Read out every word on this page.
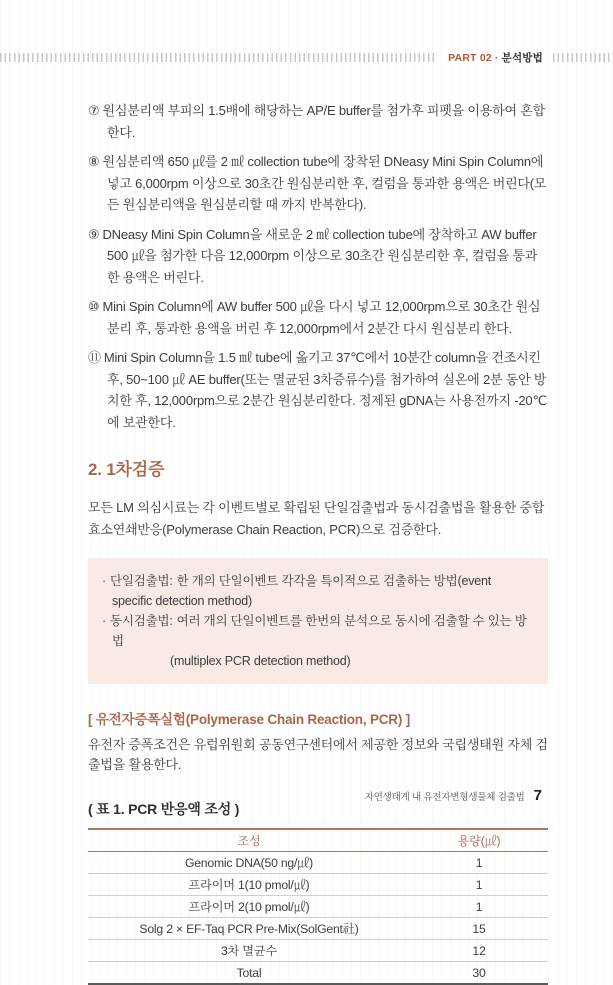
PART 02 · 분석방법
⑦ 원심분리액 부피의 1.5배에 해당하는 AP/E buffer를 첨가후 피펫을 이용하여 혼합한다.
⑧ 원심분리액 650 ㎕를 2 ㎖ collection tube에 장착된 DNeasy Mini Spin Column에 넣고 6,000rpm 이상으로 30초간 원심분리한 후, 컬럼을 통과한 용액은 버린다(모든 원심분리액을 원심분리할 때 까지 반복한다).
⑨ DNeasy Mini Spin Column을 새로운 2 ㎖ collection tube에 장착하고 AW buffer 500 ㎕을 첨가한 다음 12,000rpm 이상으로 30초간 원심분리한 후, 컬럼을 통과한 용액은 버린다.
⑩ Mini Spin Column에 AW buffer 500 ㎕을 다시 넣고 12,000rpm으로 30초간 원심분리 후, 통과한 용액을 버린 후 12,000rpm에서 2분간 다시 원심분리 한다.
⑪ Mini Spin Column을 1.5 ㎖ tube에 옮기고 37℃에서 10분간 column을 건조시킨후, 50~100 ㎕ AE buffer(또는 멸균된 3차증류수)를 첨가하여 실온에 2분 동안 방치한 후, 12,000rpm으로 2분간 원심분리한다. 정제된 gDNA는 사용전까지 -20℃ 에 보관한다.
2. 1차검증
모든 LM 의심시료는 각 이벤트별로 확립된 단일검출법과 동시검출법을 활용한 중합효소연쇄반응(Polymerase Chain Reaction, PCR)으로 검증한다.
· 단일검출법: 한 개의 단일이벤트 각각을 특이적으로 검출하는 방법(event specific detection method)
· 동시검출법: 여러 개의 단일이벤트를 한번의 분석으로 동시에 검출할 수 있는 방법
(multiplex PCR detection method)
[ 유전자증폭실험(Polymerase Chain Reaction, PCR) ]
유전자 증폭조건은 유럽위원회 공동연구센터에서 제공한 정보와 국립생태원 자체 검출법을 활용한다.
( 표 1. PCR 반응액 조성 )
조성	용량(㎕)
Genomic DNA(50 ng/㎕)	1
프라이머 1(10 pmol/㎕)	1
프라이머 2(10 pmol/㎕)	1
Solg 2 × EF-Taq PCR Pre-Mix(SolGent社)	15
3차 멸균수	12
Total	30
자연생태계 내 유전자변형생물체 검출법 7
